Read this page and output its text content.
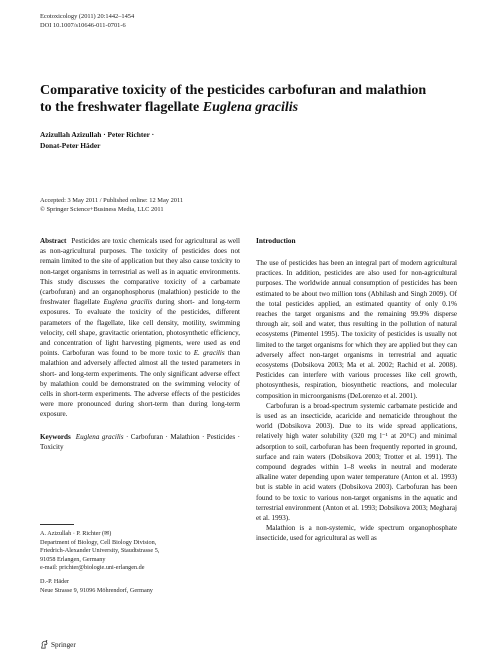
Ecotoxicology (2011) 20:1442–1454
DOI 10.1007/s10646-011-0701-6
Comparative toxicity of the pesticides carbofuran and malathion to the freshwater flagellate Euglena gracilis
Azizullah Azizullah · Peter Richter ·
Donat-Peter Häder
Accepted: 3 May 2011 / Published online: 12 May 2011
© Springer Science+Business Media, LLC 2011

Abstract Pesticides are toxic chemicals used for agricultural as well as non-agricultural purposes. The toxicity of pesticides does not remain limited to the site of application but they also cause toxicity to non-target organisms in terrestrial as well as in aquatic environments. This study discusses the comparative toxicity of a carbamate (carbofuran) and an organophosphorus (malathion) pesticide to the freshwater flagellate Euglena gracilis during short- and long-term exposures. To evaluate the toxicity of the pesticides, different parameters of the flagellate, like cell density, motility, swimming velocity, cell shape, gravitactic orientation, photosynthetic efficiency, and concentration of light harvesting pigments, were used as end points. Carbofuran was found to be more toxic to E. gracilis than malathion and adversely affected almost all the tested parameters in short- and long-term experiments. The only significant adverse effect by malathion could be demonstrated on the swimming velocity of cells in short-term experiments. The adverse effects of the pesticides were more pronounced during short-term than during long-term exposure.

Keywords Euglena gracilis · Carbofuran · Malathion · Pesticides · Toxicity

A. Azizullah · P. Richter (✉)
Department of Biology, Cell Biology Division,
Friedrich-Alexander University, Staudtstrasse 5,
91058 Erlangen, Germany
e-mail: prichter@biologie.uni-erlangen.de
D.-P. Häder
Neue Strasse 9, 91096 Möhrendorf, Germany
Introduction

The use of pesticides has been an integral part of modern agricultural practices. In addition, pesticides are also used for non-agricultural purposes. The worldwide annual consumption of pesticides has been estimated to be about two million tons (Abhilash and Singh 2009). Of the total pesticides applied, an estimated quantity of only 0.1% reaches the target organisms and the remaining 99.9% disperse through air, soil and water, thus resulting in the pollution of natural ecosystems (Pimentel 1995). The toxicity of pesticides is usually not limited to the target organisms for which they are applied but they can adversely affect non-target organisms in terrestrial and aquatic ecosystems (Dobsikova 2003; Ma et al. 2002; Rachid et al. 2008). Pesticides can interfere with various processes like cell growth, photosynthesis, respiration, biosynthetic reactions, and molecular composition in microorganisms (DeLorenzo et al. 2001).

Carbofuran is a broad-spectrum systemic carbamate pesticide and is used as an insecticide, acaricide and nematicide throughout the world (Dobsikova 2003). Due to its wide spread applications, relatively high water solubility (320 mg l⁻¹ at 20°C) and minimal adsorption to soil, carbofuran has been frequently reported in ground, surface and rain waters (Dobsikova 2003; Trotter et al. 1991). The compound degrades within 1–8 weeks in neutral and moderate alkaline water depending upon water temperature (Anton et al. 1993) but is stable in acid waters (Dobsikova 2003). Carbofuran has been found to be toxic to various non-target organisms in the aquatic and terrestrial environment (Anton et al. 1993; Dobsikova 2003; Megharaj et al. 1993).

Malathion is a non-systemic, wide spectrum organophosphate insecticide, used for agricultural as well as

Springer
